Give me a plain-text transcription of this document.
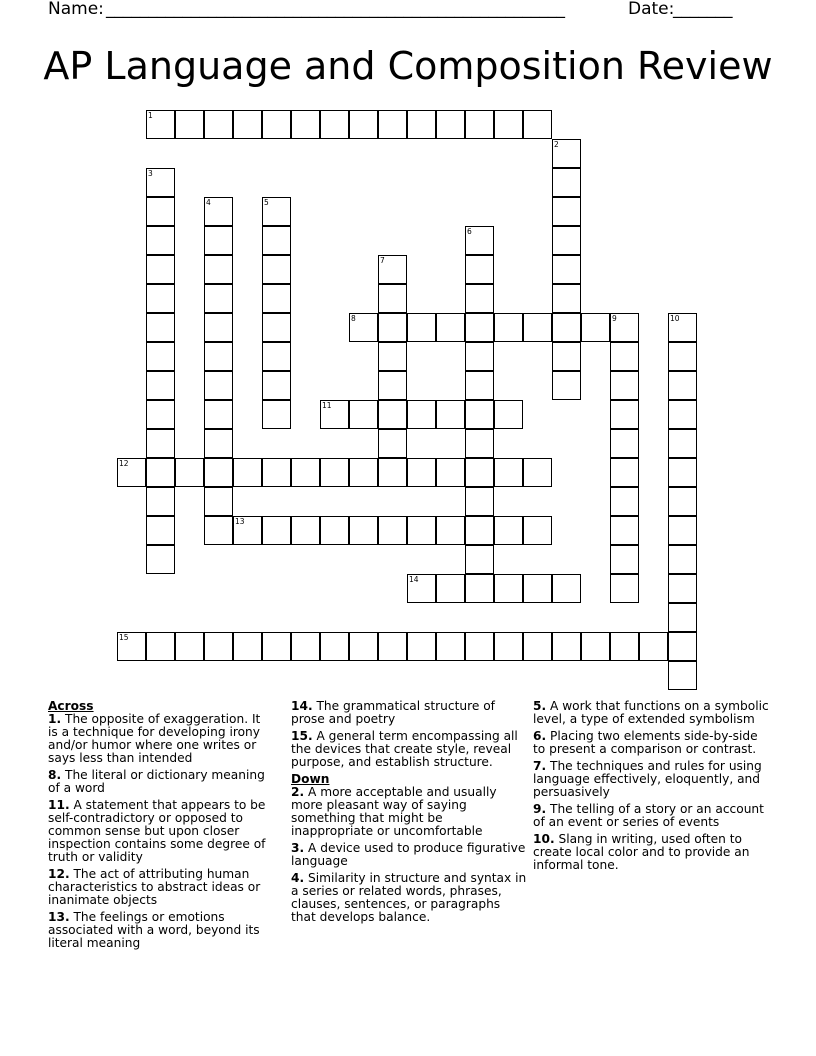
Name: ______________________________________________________	Date:
_______
AP Language and Composition Review
1
2
3
4	5
6
7
8	9	10
11
12
13
14
15
Across
1. The opposite of exaggeration. It is a technique for developing irony and/or humor where one writes or says less than intended
8. The literal or dictionary meaning of a word
11. A statement that appears to be self-contradictory or opposed to common sense but upon closer inspection contains some degree of truth or validity
12. The act of attributing human characteristics to abstract ideas or inanimate objects
13. The feelings or emotions associated with a word, beyond its literal meaning
14. The grammatical structure of prose and poetry
15. A general term encompassing all the devices that create style, reveal purpose, and establish structure.
Down
2. A more acceptable and usually more pleasant way of saying something that might be inappropriate or uncomfortable
3. A device used to produce figurative language
4. Similarity in structure and syntax in a series or related words, phrases, clauses, sentences, or paragraphs that develops balance.
5. A work that functions on a symbolic level, a type of extended symbolism
6. Placing two elements side-by-side to present a comparison or contrast.
7. The techniques and rules for using language effectively, eloquently, and persuasively
9. The telling of a story or an account of an event or series of events
10. Slang in writing, used often to create local color and to provide an informal tone.
